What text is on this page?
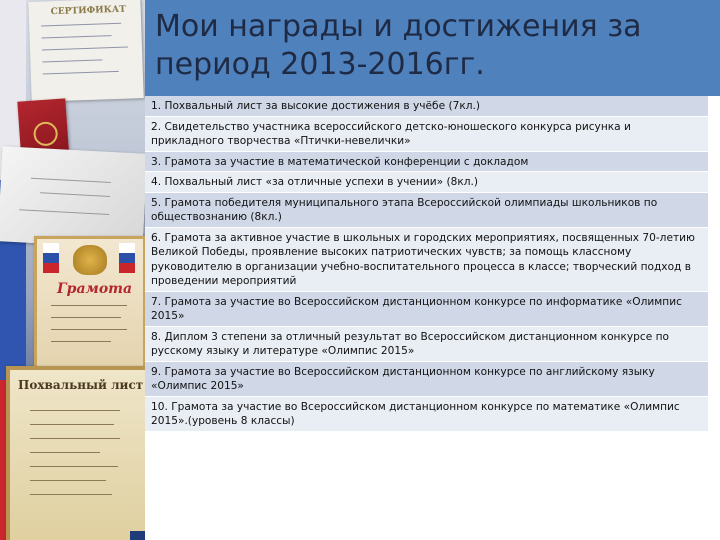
СЕРТИФИКАТ
Грамота
Похвальный лист
Мои награды и достижения за период 2013-2016гг.
1. Похвальный лист за высокие достижения в учёбе (7кл.)
2. Свидетельство участника всероссийского детско-юношеского конкурса рисунка и прикладного творчества «Птички-невелички»
3. Грамота за участие в математической конференции с докладом
4. Похвальный лист «за отличные успехи в учении» (8кл.)
5. Грамота победителя муниципального этапа Всероссийской олимпиады школьников по обществознанию (8кл.)
6. Грамота за активное участие в школьных и городских мероприятиях, посвященных 70-летию Великой Победы, проявление высоких патриотических чувств; за помощь классному руководителю в организации учебно-воспитательного процесса в классе; творческий подход в проведении мероприятий
7. Грамота за участие во Всероссийском дистанционном конкурсе по информатике «Олимпис 2015»
8. Диплом 3 степени за отличный результат во Всероссийском дистанционном конкурсе по русскому языку и литературе «Олимпис 2015»
9. Грамота за участие во Всероссийском дистанционном конкурсе по английскому языку «Олимпис 2015»
10. Грамота за участие во Всероссийском дистанционном конкурсе по математике «Олимпис 2015».(уровень 8 классы)
